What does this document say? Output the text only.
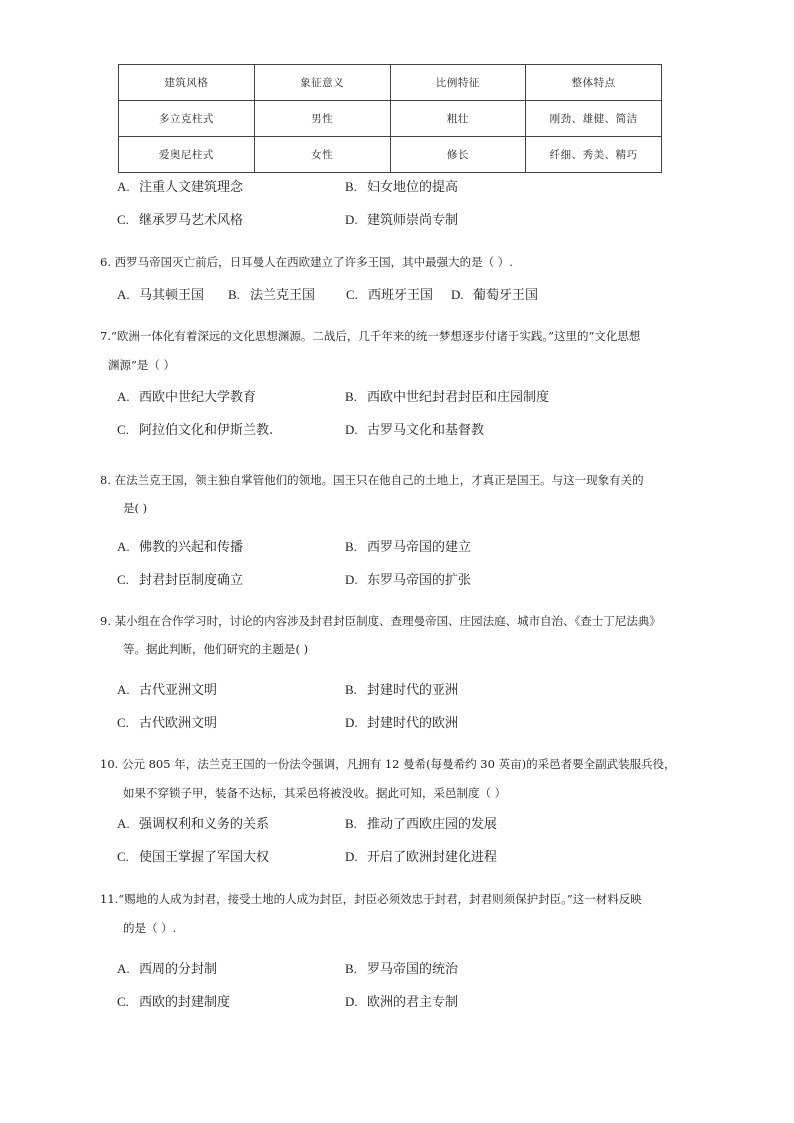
建筑风格	象征意义	比例特征	整体特点
多立克柱式	男性	粗壮	刚劲、雄健、简洁
爱奥尼柱式	女性	修长	纤细、秀美、精巧
A. 注重人文建筑理念	B. 妇女地位的提高
C. 继承罗马艺术风格	D. 建筑师崇尚专制
6. 西罗马帝国灭亡前后，日耳曼人在西欧建立了许多王国，其中最强大的是（ ）.
A. 马其顿王国 B. 法兰克王国 C. 西班牙王国 D. 葡萄牙王国
7.“欧洲一体化有着深远的文化思想渊源。二战后，几千年来的统一梦想逐步付诸于实践。”这里的“文化思想
渊源”是（ ）
A. 西欧中世纪大学教育	B. 西欧中世纪封君封臣和庄园制度
C. 阿拉伯文化和伊斯兰教.	D. 古罗马文化和基督教
8. 在法兰克王国，领主独自掌管他们的领地。国王只在他自己的土地上，才真正是国王。与这一现象有关的
是( )
A. 佛教的兴起和传播	B. 西罗马帝国的建立
C. 封君封臣制度确立	D. 东罗马帝国的扩张
9. 某小组在合作学习时，讨论的内容涉及封君封臣制度、查理曼帝国、庄园法庭、城市自治、《查士丁尼法典》
等。据此判断，他们研究的主题是( )
A. 古代亚洲文明	B. 封建时代的亚洲
C. 古代欧洲文明	D. 封建时代的欧洲
10. 公元 805 年，法兰克王国的一份法令强调，凡拥有 12 曼希(每曼希约 30 英亩)的采邑者要全副武装服兵役，
如果不穿锁子甲，装备不达标，其采邑将被没收。据此可知，采邑制度（ ）
A. 强调权利和义务的关系	B. 推动了西欧庄园的发展
C. 使国王掌握了军国大权	D. 开启了欧洲封建化进程
11.“赐地的人成为封君，接受土地的人成为封臣，封臣必须效忠于封君，封君则须保护封臣。”这一材料反映
的是（ ）.
A. 西周的分封制	B. 罗马帝国的统治
C. 西欧的封建制度	D. 欧洲的君主专制
